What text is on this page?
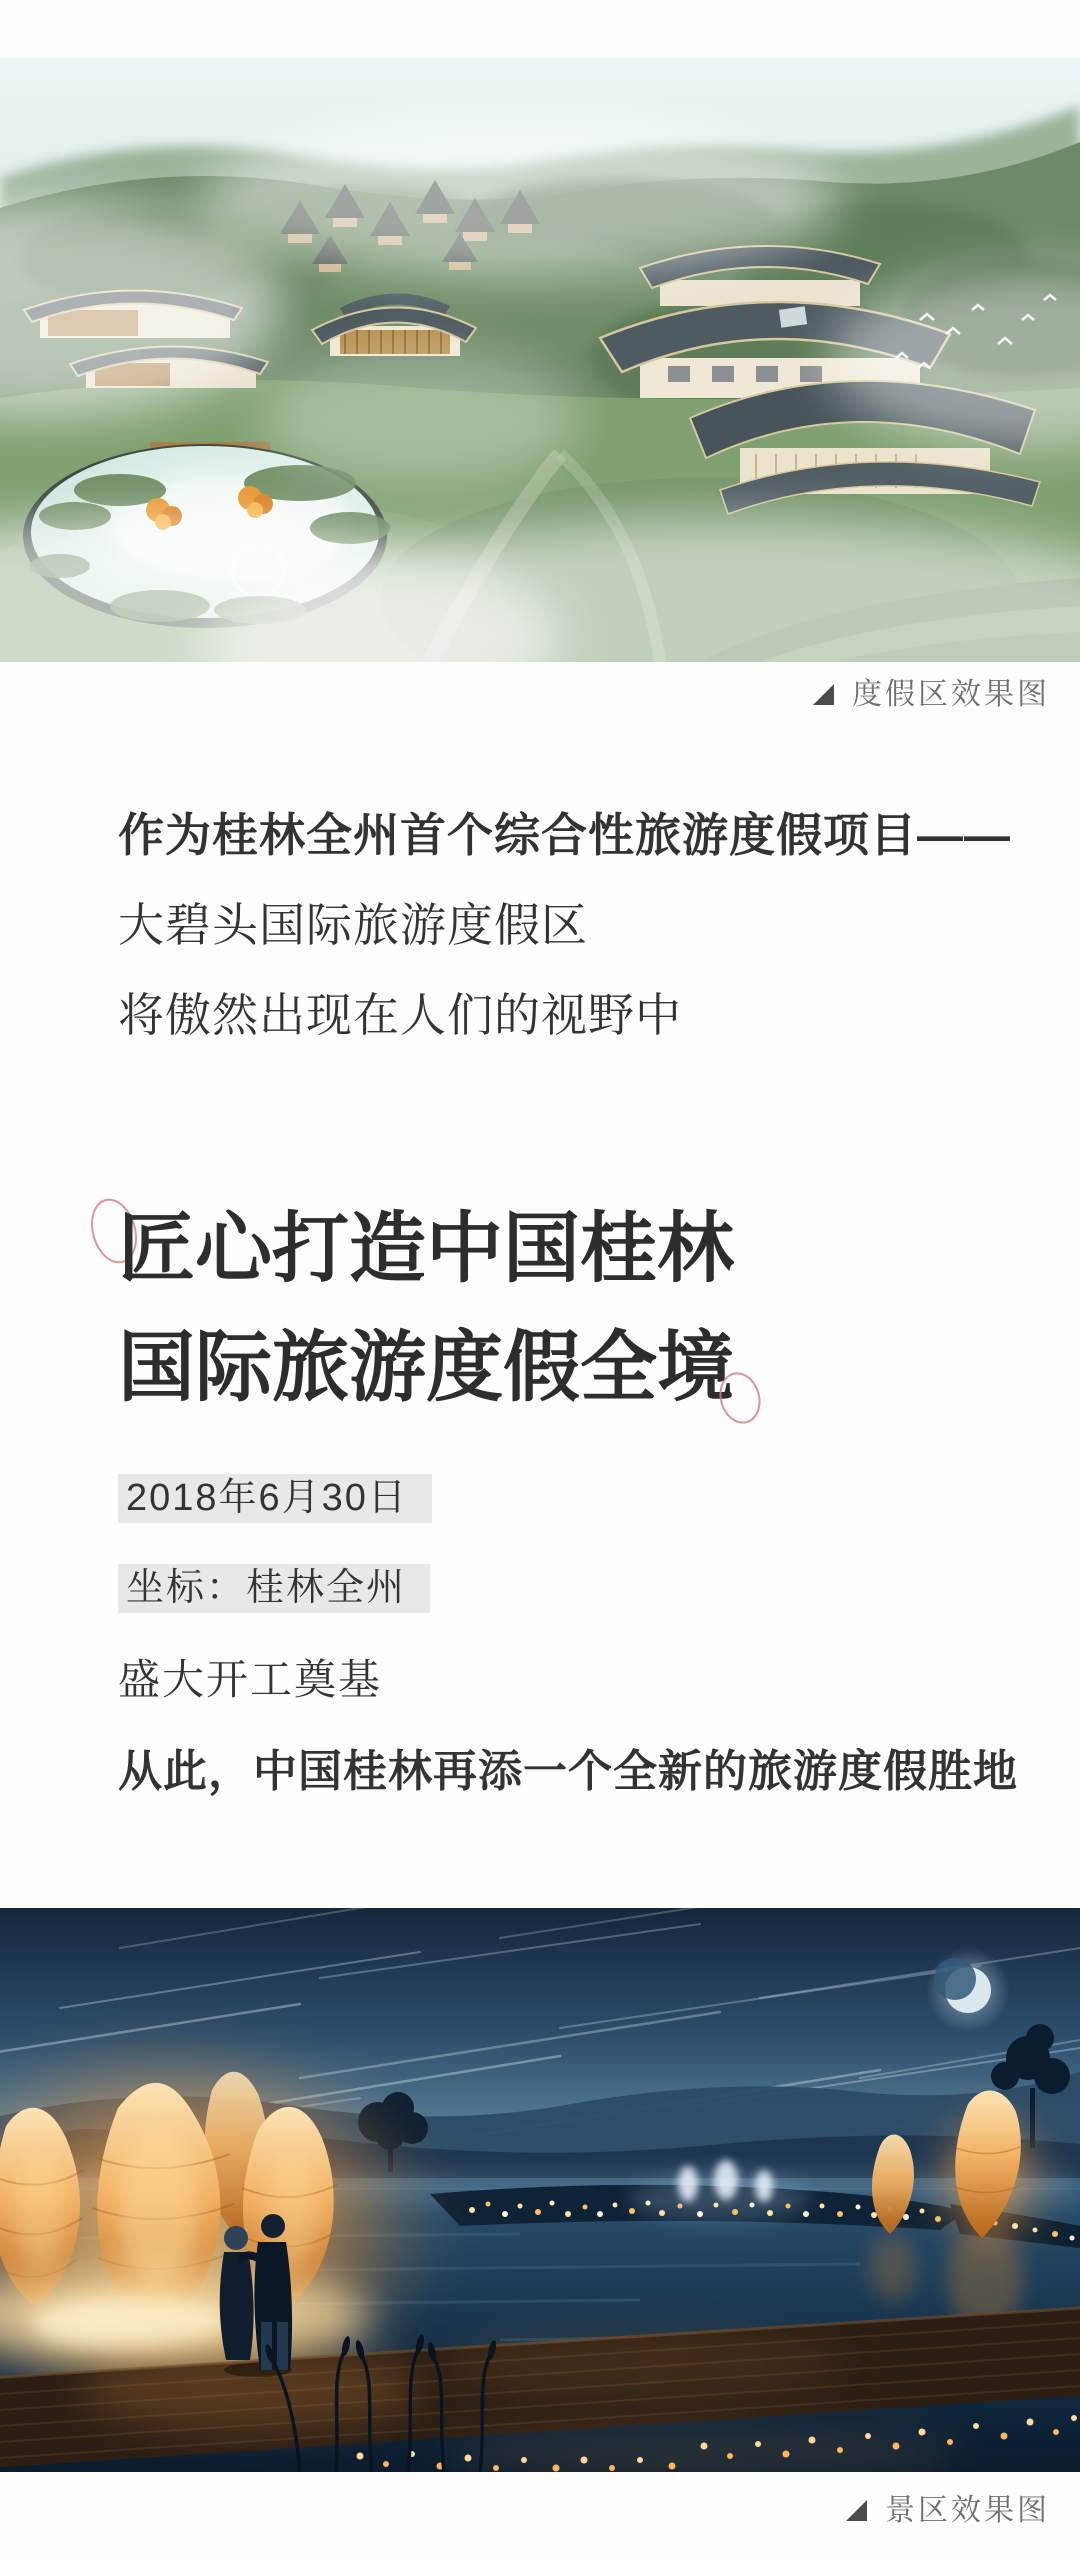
度假区效果图
作为桂林全州首个综合性旅游度假项目——
大碧头国际旅游度假区
将傲然出现在人们的视野中
匠心打造中国桂林
国际旅游度假全境
2018年6月30日
坐标：桂林全州
盛大开工奠基
从此，中国桂林再添一个全新的旅游度假胜地
景区效果图
